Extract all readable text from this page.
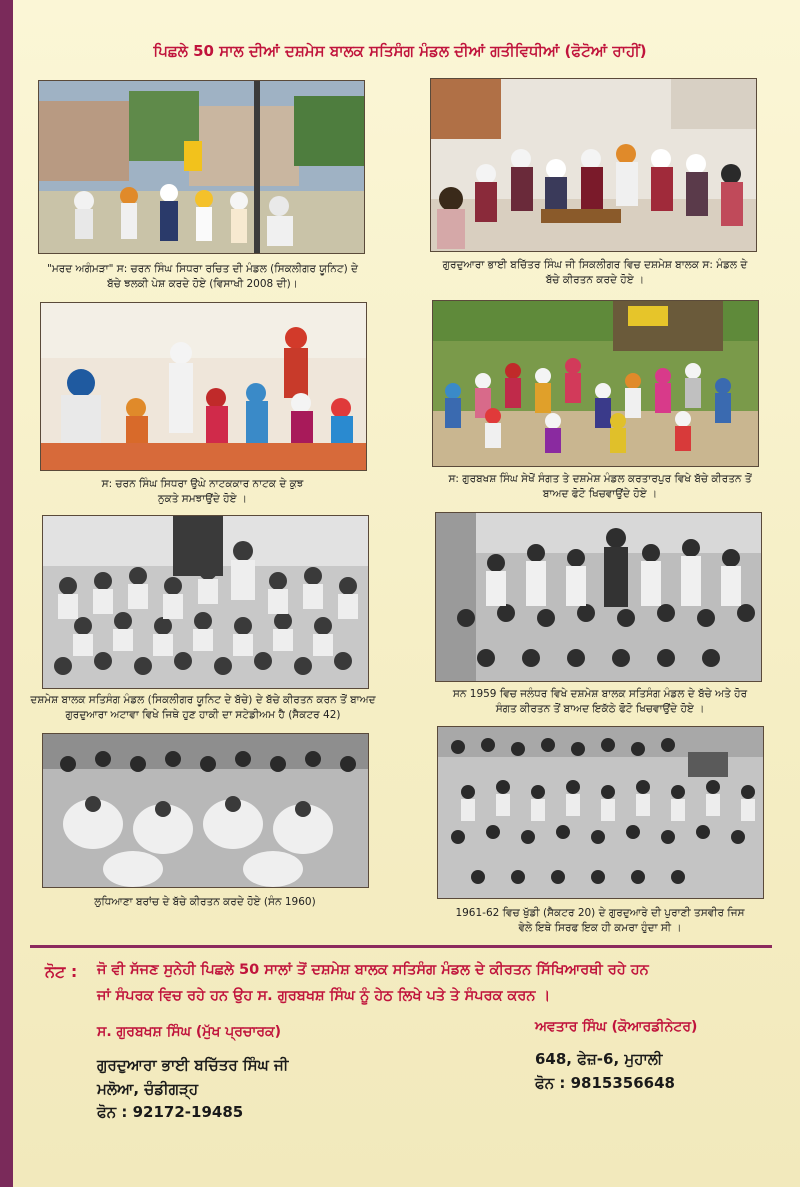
ਪਿਛਲੇ 50 ਸਾਲ ਦੀਆਂ ਦਸ਼ਮੇਸ ਬਾਲਕ ਸਤਿਸੰਗ ਮੰਡਲ ਦੀਆਂ ਗਤੀਵਿਧੀਆਂ (ਫੋਟੋਆਂ ਰਾਹੀਂ)
"ਮਰਦ ਅਗੰਮੜਾ" ਸ: ਚਰਨ ਸਿੰਘ ਸਿਧਰਾ ਰਚਿਤ ਦੀ ਮੰਡਲ (ਸਿਕਲੀਗਰ ਯੂਨਿਟ) ਦੇ ਬੱਚੇ ਝਲਕੀ ਪੇਸ਼ ਕਰਦੇ ਹੋਏ (ਵਿਸਾਖੀ 2008 ਦੀ)।
ਗੁਰਦੁਆਰਾ ਭਾਈ ਬਚਿੱਤਰ ਸਿੰਘ ਜੀ ਸਿਕਲੀਗਰ ਵਿਚ ਦਸ਼ਮੇਸ਼ ਬਾਲਕ ਸ: ਮੰਡਲ ਦੇ ਬੱਚੇ ਕੀਰਤਨ ਕਰਦੇ ਹੋਏ ।
ਸ: ਚਰਨ ਸਿੰਘ ਸਿਧਰਾ ਉਘੇ ਨਾਟਕਕਾਰ ਨਾਟਕ ਦੇ ਕੁਝ ਨੁਕਤੇ ਸਮਝਾਉਂਦੇ ਹੋਏ ।
ਸ: ਗੁਰਬਖਸ਼ ਸਿੰਘ ਸੇਖੋਂ ਸੰਗਤ ਤੇ ਦਸ਼ਮੇਸ਼ ਮੰਡਲ ਕਰਤਾਰਪੁਰ ਵਿਖੇ ਬੱਚੇ ਕੀਰਤਨ ਤੋਂ ਬਾਅਦ ਫੋਟੋ ਖਿਚਵਾਉਂਦੇ ਹੋਏ ।
ਦਸ਼ਮੇਸ਼ ਬਾਲਕ ਸਤਿਸੰਗ ਮੰਡਲ (ਸਿਕਲੀਗਰ ਯੂਨਿਟ ਦੇ ਬੱਚੇ) ਦੇ ਬੱਚੇ ਕੀਰਤਨ ਕਰਨ ਤੋਂ ਬਾਅਦ ਗੁਰਦੁਆਰਾ ਅਟਾਵਾ ਵਿਖੇ ਜਿਥੇ ਹੁਣ ਹਾਕੀ ਦਾ ਸਟੇਡੀਅਮ ਹੈ (ਸੈਕਟਰ 42)
ਸਨ 1959 ਵਿਚ ਜਲੰਧਰ ਵਿਖੇ ਦਸ਼ਮੇਸ਼ ਬਾਲਕ ਸਤਿਸੰਗ ਮੰਡਲ ਦੇ ਬੱਚੇ ਅਤੇ ਹੋਰ ਸੰਗਤ ਕੀਰਤਨ ਤੋਂ ਬਾਅਦ ਇਕੱਠੇ ਫੋਟੋ ਖਿਚਵਾਉਂਦੇ ਹੋਏ ।
ਲੁਧਿਆਣਾ ਬਰਾਂਚ ਦੇ ਬੱਚੇ ਕੀਰਤਨ ਕਰਦੇ ਹੋਏ (ਸੰਨ 1960)
1961-62 ਵਿਚ ਖੁੱਡੀ (ਸੈਕਟਰ 20) ਦੇ ਗੁਰਦੁਆਰੇ ਦੀ ਪੁਰਾਣੀ ਤਸਵੀਰ ਜਿਸ ਵੇਲੇ ਇਥੇ ਸਿਰਫ ਇਕ ਹੀ ਕਮਰਾ ਹੁੰਦਾ ਸੀ ।
ਨੋਟ : ਜੋ ਵੀ ਸੱਜਣ ਸੁਨੇਹੀ ਪਿਛਲੇ 50 ਸਾਲਾਂ ਤੋਂ ਦਸ਼ਮੇਸ਼ ਬਾਲਕ ਸਤਿਸੰਗ ਮੰਡਲ ਦੇ ਕੀਰਤਨ ਸਿੱਖਿਆਰਥੀ ਰਹੇ ਹਨ
ਜਾਂ ਸੰਪਰਕ ਵਿਚ ਰਹੇ ਹਨ ਉਹ ਸ. ਗੁਰਬਖਸ਼ ਸਿੰਘ ਨੂੰ ਹੇਠ ਲਿਖੇ ਪਤੇ ਤੇ ਸੰਪਰਕ ਕਰਨ ।
ਸ. ਗੁਰਬਖਸ਼ ਸਿੰਘ (ਮੁੱਖ ਪ੍ਰਚਾਰਕ)
ਗੁਰਦੁਆਰਾ ਭਾਈ ਬਚਿੱਤਰ ਸਿੰਘ ਜੀ
ਮਲੋਆ, ਚੰਡੀਗੜ੍ਹ
ਫੋਨ : 92172-19485
ਅਵਤਾਰ ਸਿੰਘ (ਕੋਆਰਡੀਨੇਟਰ)
648, ਫੇਜ਼-6, ਮੁਹਾਲੀ
ਫੋਨ : 9815356648
